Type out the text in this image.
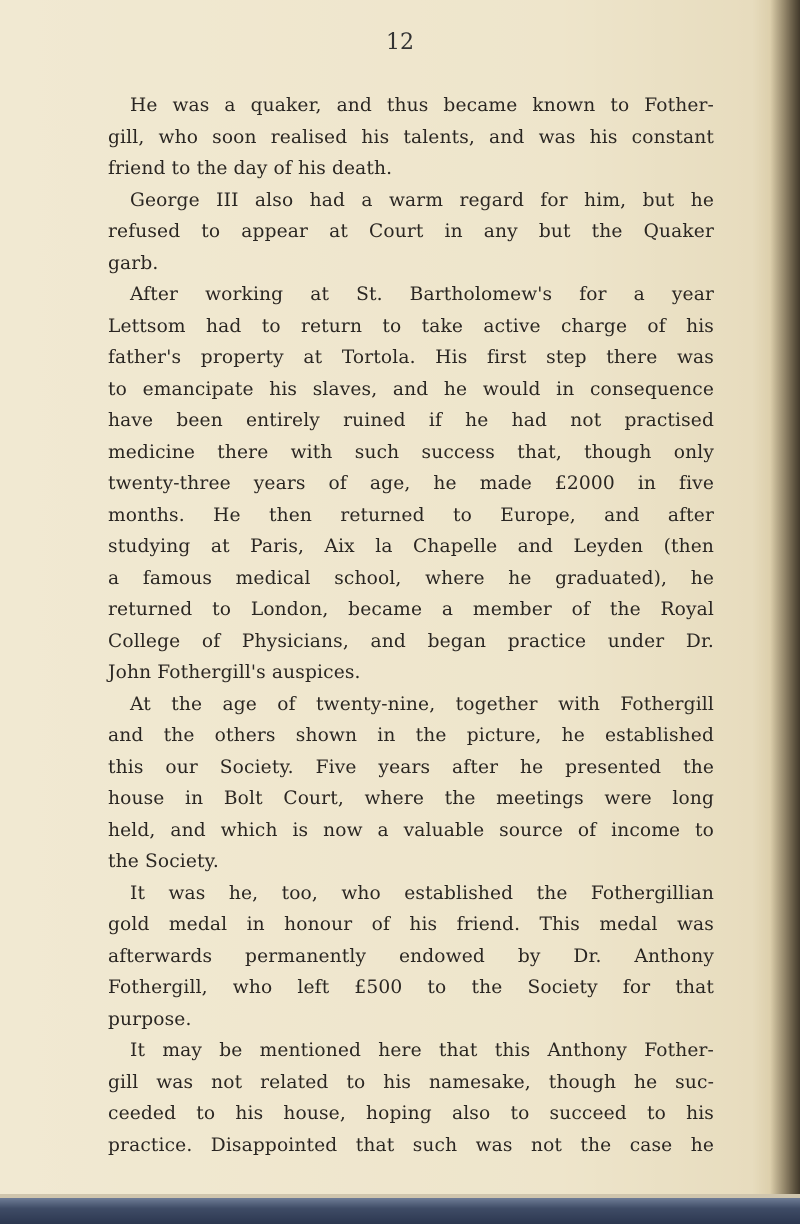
12
He was a quaker, and thus became known to Fother-
gill, who soon realised his talents, and was his constant
friend to the day of his death.
George III also had a warm regard for him, but he
refused to appear at Court in any but the Quaker
garb.
After working at St. Bartholomew's for a year
Lettsom had to return to take active charge of his
father's property at Tortola. His first step there was
to emancipate his slaves, and he would in consequence
have been entirely ruined if he had not practised
medicine there with such success that, though only
twenty-three years of age, he made £2000 in five
months. He then returned to Europe, and after
studying at Paris, Aix la Chapelle and Leyden (then
a famous medical school, where he graduated), he
returned to London, became a member of the Royal
College of Physicians, and began practice under Dr.
John Fothergill's auspices.
At the age of twenty-nine, together with Fothergill
and the others shown in the picture, he established
this our Society. Five years after he presented the
house in Bolt Court, where the meetings were long
held, and which is now a valuable source of income to
the Society.
It was he, too, who established the Fothergillian
gold medal in honour of his friend. This medal was
afterwards permanently endowed by Dr. Anthony
Fothergill, who left £500 to the Society for that
purpose.
It may be mentioned here that this Anthony Fother-
gill was not related to his namesake, though he suc-
ceeded to his house, hoping also to succeed to his
practice. Disappointed that such was not the case he
